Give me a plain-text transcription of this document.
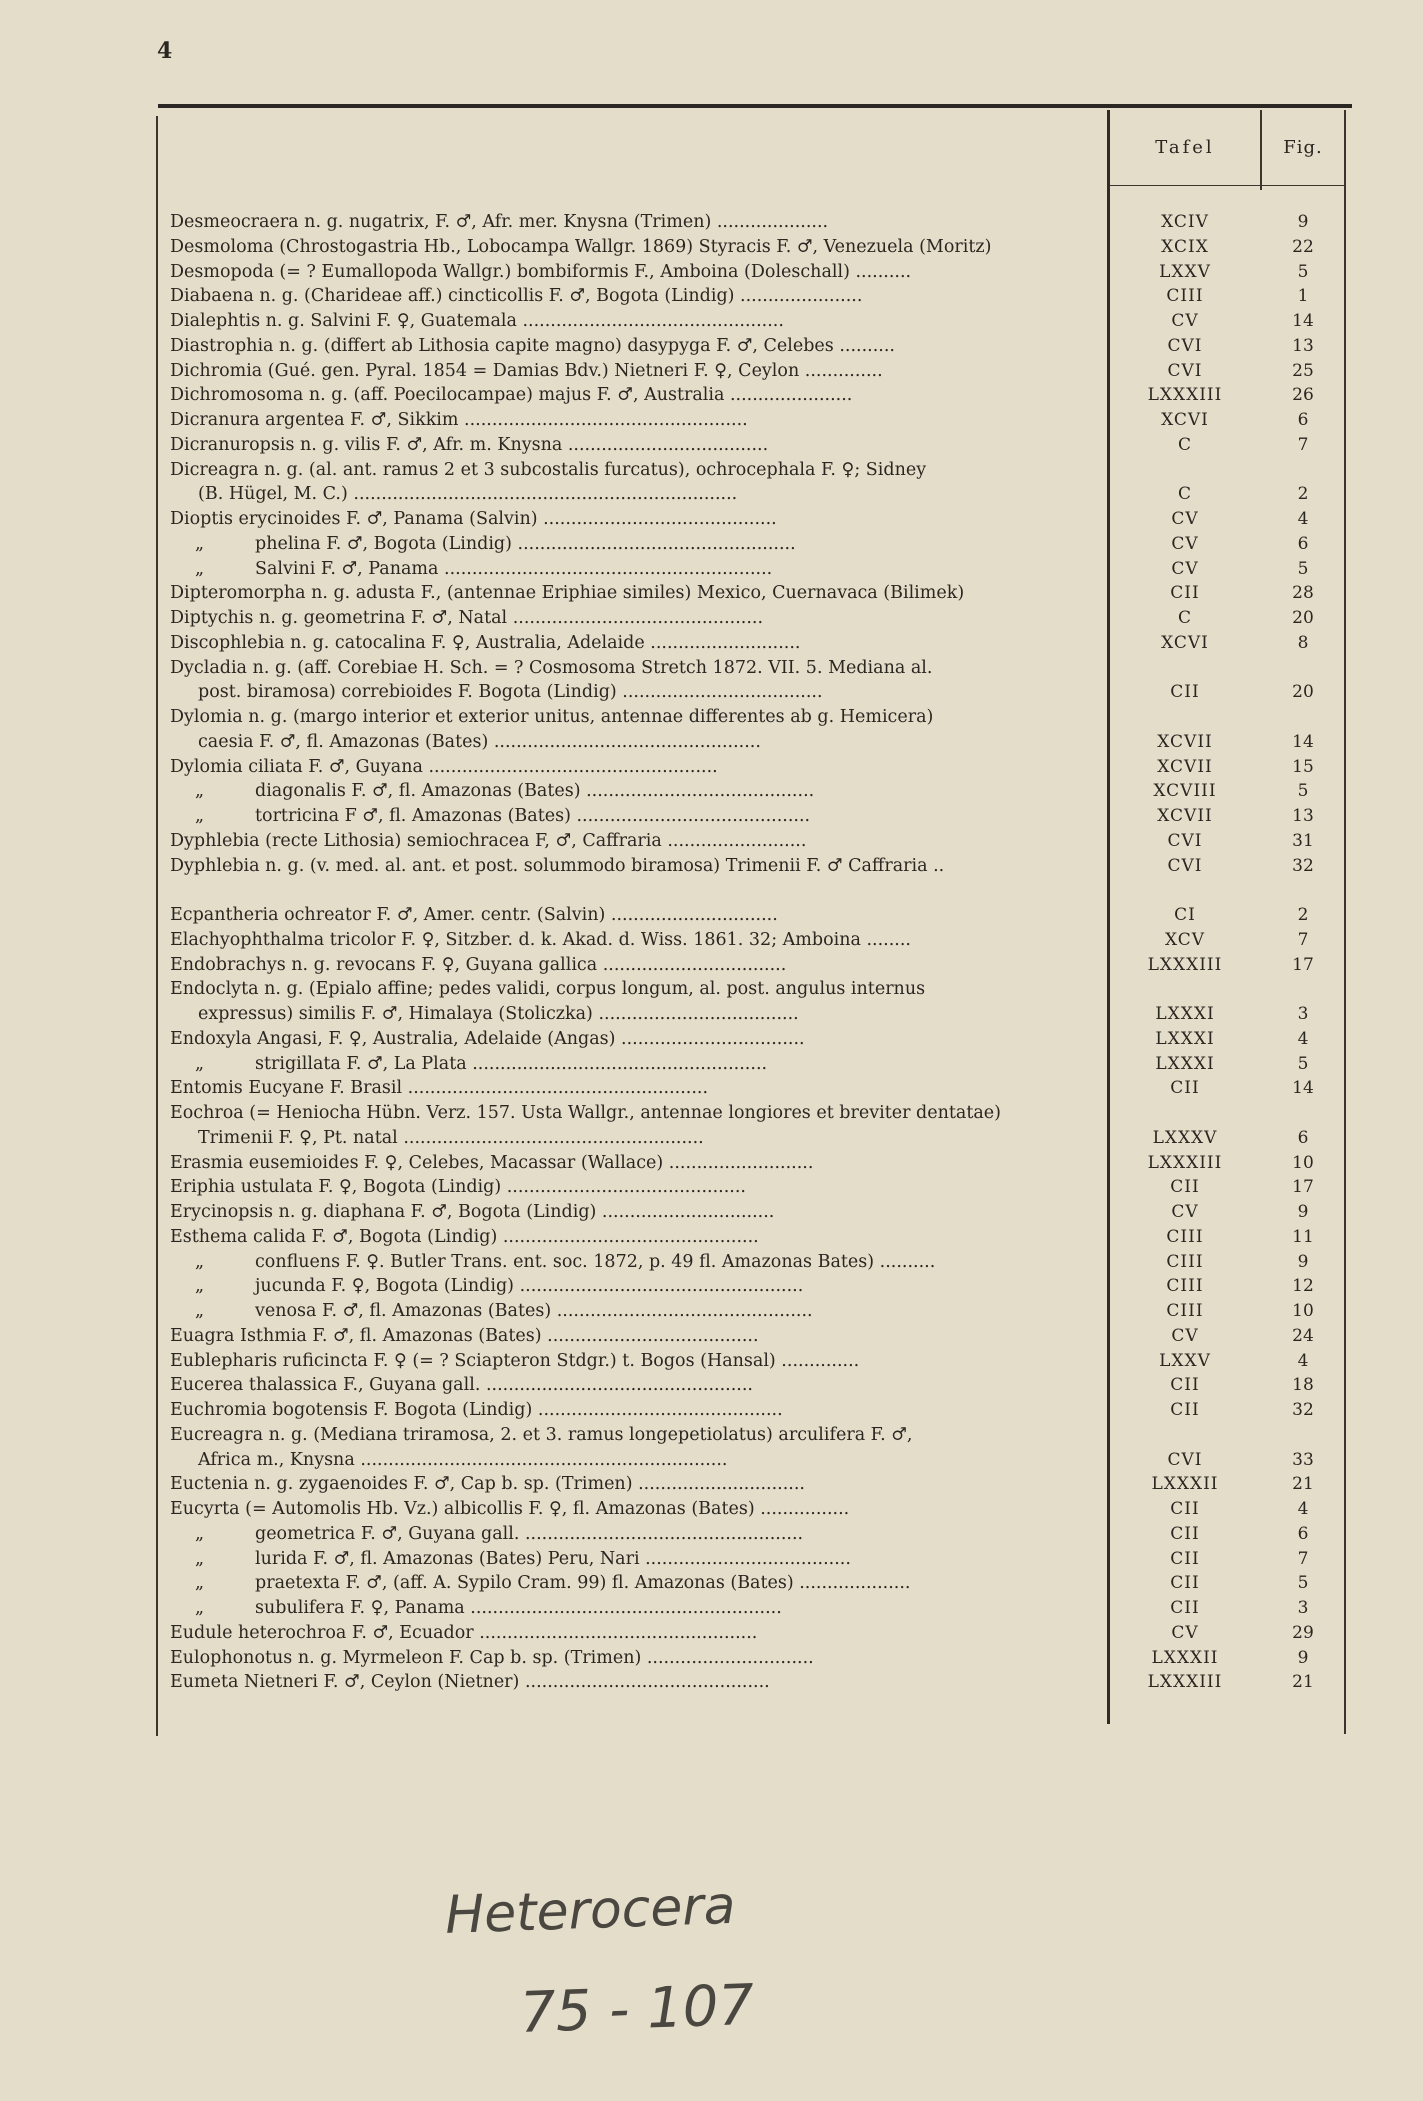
4
Tafel	Fig.
Desmeocraera n. g. nugatrix, F. ♂, Afr. mer. Knysna (Trimen) ....................	XCIV	9
Desmoloma (Chrostogastria Hb., Lobocampa Wallgr. 1869) Styracis F. ♂, Venezuela (Moritz)	XCIX	22
Desmopoda (= ? Eumallopoda Wallgr.) bombiformis F., Amboina (Doleschall) ..........	LXXV	5
Diabaena n. g. (Charideae aff.) cincticollis F. ♂, Bogota (Lindig) ......................	CIII	1
Dialephtis n. g. Salvini F. ♀, Guatemala ...............................................	CV	14
Diastrophia n. g. (differt ab Lithosia capite magno) dasypyga F. ♂, Celebes ..........	CVI	13
Dichromia (Gué. gen. Pyral. 1854 = Damias Bdv.) Nietneri F. ♀, Ceylon ..............	CVI	25
Dichromosoma n. g. (aff. Poecilocampae) majus F. ♂, Australia ......................	LXXXIII	26
Dicranura argentea F. ♂, Sikkim ...................................................	XCVI	6
Dicranuropsis n. g. vilis F. ♂, Afr. m. Knysna ....................................	C	7
Dicreagra n. g. (al. ant. ramus 2 et 3 subcostalis furcatus), ochrocephala F. ♀; Sidney
(B. Hügel, M. C.) .....................................................................	C	2
Dioptis erycinoides F. ♂, Panama (Salvin) ..........................................	CV	4
„	phelina F. ♂, Bogota (Lindig) ..................................................	CV	6
„	Salvini F. ♂, Panama ...........................................................	CV	5
Dipteromorpha n. g. adusta F., (antennae Eriphiae similes) Mexico, Cuernavaca (Bilimek)	CII	28
Diptychis n. g. geometrina F. ♂, Natal .............................................	C	20
Discophlebia n. g. catocalina F. ♀, Australia, Adelaide ...........................	XCVI	8
Dycladia n. g. (aff. Corebiae H. Sch. = ? Cosmosoma Stretch 1872. VII. 5. Mediana al.
post. biramosa) correbioides F. Bogota (Lindig) ....................................	CII	20
Dylomia n. g. (margo interior et exterior unitus, antennae differentes ab g. Hemicera)
caesia F. ♂, fl. Amazonas (Bates) ................................................	XCVII	14
Dylomia ciliata F. ♂, Guyana ....................................................	XCVII	15
„	diagonalis F. ♂, fl. Amazonas (Bates) .........................................	XCVIII	5
„	tortricina F ♂, fl. Amazonas (Bates) ..........................................	XCVII	13
Dyphlebia (recte Lithosia) semiochracea F, ♂, Caffraria .........................	CVI	31
Dyphlebia n. g. (v. med. al. ant. et post. solummodo biramosa) Trimenii F. ♂ Caffraria ..	CVI	32
Ecpantheria ochreator F. ♂, Amer. centr. (Salvin) ..............................	CI	2
Elachyophthalma tricolor F. ♀, Sitzber. d. k. Akad. d. Wiss. 1861. 32; Amboina ........	XCV	7
Endobrachys n. g. revocans F. ♀, Guyana gallica .................................	LXXXIII	17
Endoclyta n. g. (Epialo affine; pedes validi, corpus longum, al. post. angulus internus
expressus) similis F. ♂, Himalaya (Stoliczka) ....................................	LXXXI	3
Endoxyla Angasi, F. ♀, Australia, Adelaide (Angas) .................................	LXXXI	4
„	strigillata F. ♂, La Plata .....................................................	LXXXI	5
Entomis Eucyane F. Brasil ......................................................	CII	14
Eochroa (= Heniocha Hübn. Verz. 157. Usta Wallgr., antennae longiores et breviter dentatae)
Trimenii F. ♀, Pt. natal ......................................................	LXXXV	6
Erasmia eusemioides F. ♀, Celebes, Macassar (Wallace) ..........................	LXXXIII	10
Eriphia ustulata F. ♀, Bogota (Lindig) ...........................................	CII	17
Erycinopsis n. g. diaphana F. ♂, Bogota (Lindig) ...............................	CV	9
Esthema calida F. ♂, Bogota (Lindig) ..............................................	CIII	11
„	confluens F. ♀. Butler Trans. ent. soc. 1872, p. 49 fl. Amazonas Bates) ..........	CIII	9
„	jucunda F. ♀, Bogota (Lindig) ...................................................	CIII	12
„	venosa F. ♂, fl. Amazonas (Bates) ..............................................	CIII	10
Euagra Isthmia F. ♂, fl. Amazonas (Bates) ......................................	CV	24
Eublepharis ruficincta F. ♀ (= ? Sciapteron Stdgr.) t. Bogos (Hansal) ..............	LXXV	4
Eucerea thalassica F., Guyana gall. ................................................	CII	18
Euchromia bogotensis F. Bogota (Lindig) ............................................	CII	32
Eucreagra n. g. (Mediana triramosa, 2. et 3. ramus longepetiolatus) arculifera F. ♂,
Africa m., Knysna ..................................................................	CVI	33
Euctenia n. g. zygaenoides F. ♂, Cap b. sp. (Trimen) ..............................	LXXXII	21
Eucyrta (= Automolis Hb. Vz.) albicollis F. ♀, fl. Amazonas (Bates) ................	CII	4
„	geometrica F. ♂, Guyana gall. ..................................................	CII	6
„	lurida F. ♂, fl. Amazonas (Bates) Peru, Nari .....................................	CII	7
„	praetexta F. ♂, (aff. A. Sypilo Cram. 99) fl. Amazonas (Bates) ....................	CII	5
„	subulifera F. ♀, Panama ........................................................	CII	3
Eudule heterochroa F. ♂, Ecuador ..................................................	CV	29
Eulophonotus n. g. Myrmeleon F. Cap b. sp. (Trimen) ..............................	LXXXII	9
Eumeta Nietneri F. ♂, Ceylon (Nietner) ............................................	LXXXIII	21
Heterocera
75 - 107
